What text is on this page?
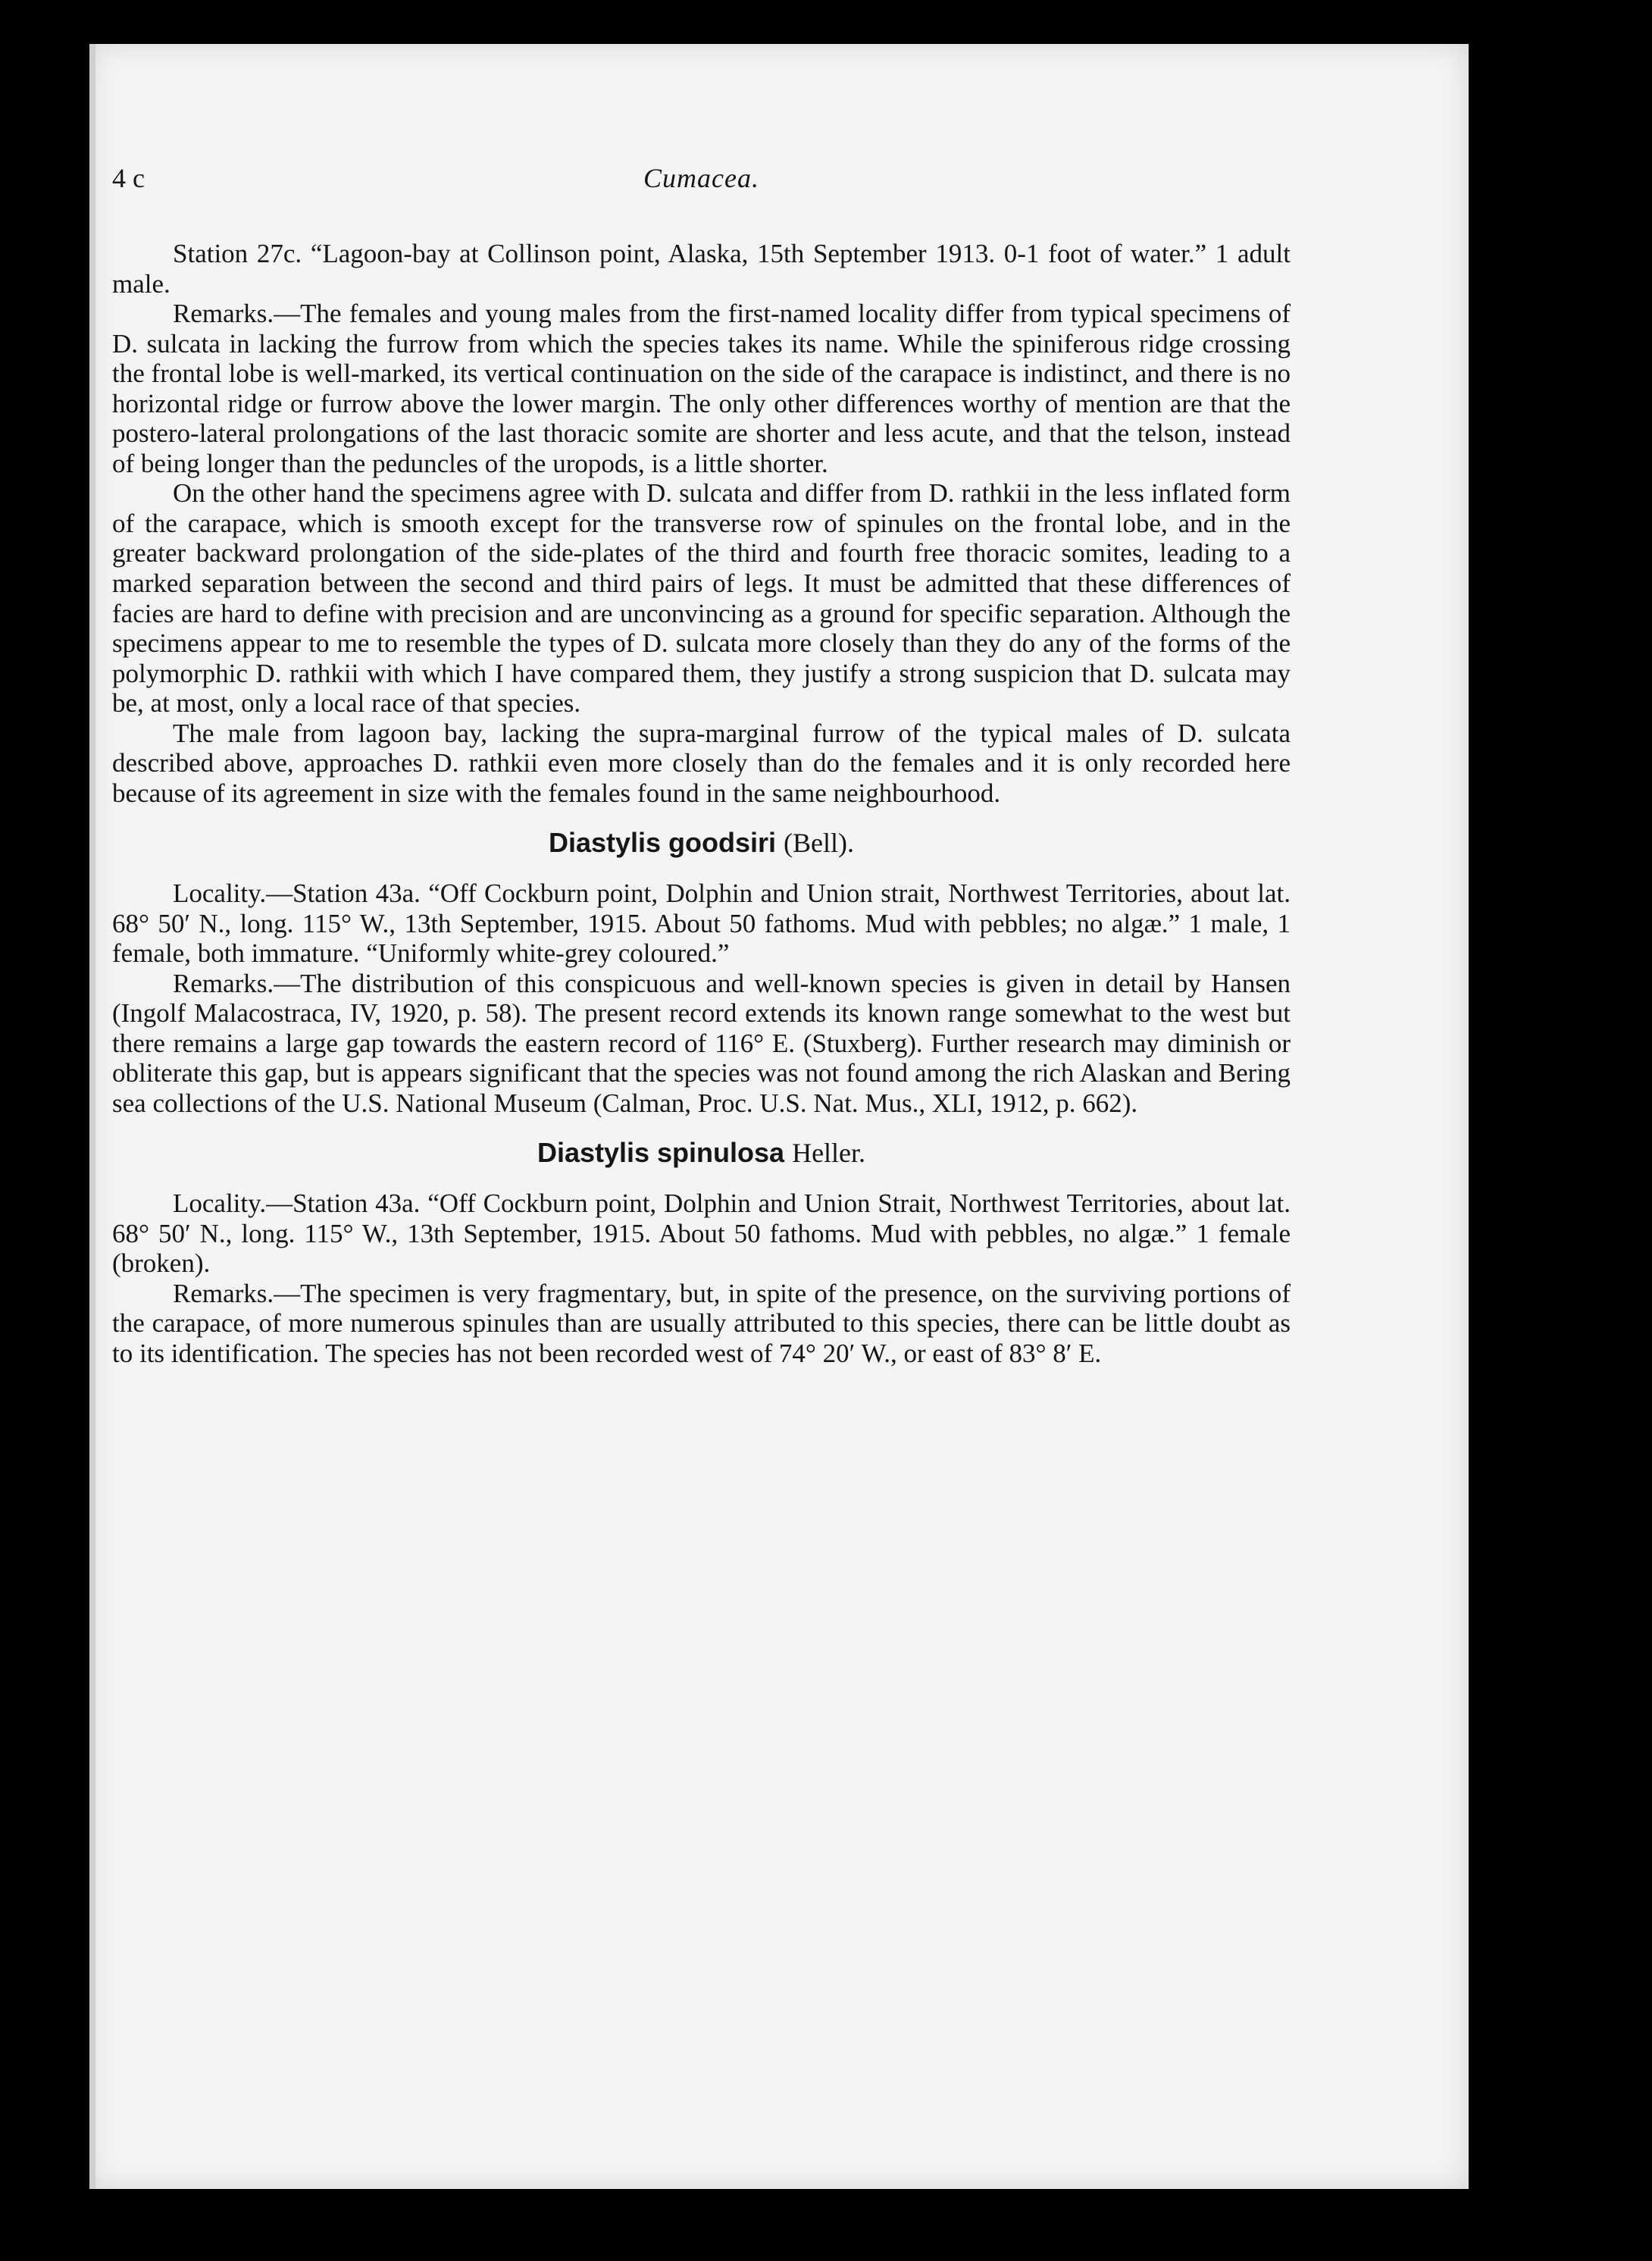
4 c	Cumacea.

Station 27c. “Lagoon-bay at Collinson point, Alaska, 15th September 1913. 0-1 foot of water.” 1 adult male.

Remarks.—The females and young males from the first-named locality differ from typical specimens of D. sulcata in lacking the furrow from which the species takes its name. While the spiniferous ridge crossing the frontal lobe is well-marked, its vertical continuation on the side of the carapace is indistinct, and there is no horizontal ridge or furrow above the lower margin. The only other differences worthy of mention are that the postero-lateral prolongations of the last thoracic somite are shorter and less acute, and that the telson, instead of being longer than the peduncles of the uropods, is a little shorter.

On the other hand the specimens agree with D. sulcata and differ from D. rathkii in the less inflated form of the carapace, which is smooth except for the transverse row of spinules on the frontal lobe, and in the greater backward prolongation of the side-plates of the third and fourth free thoracic somites, leading to a marked separation between the second and third pairs of legs. It must be admitted that these differences of facies are hard to define with precision and are unconvincing as a ground for specific separation. Although the specimens appear to me to resemble the types of D. sulcata more closely than they do any of the forms of the polymorphic D. rathkii with which I have compared them, they justify a strong suspicion that D. sulcata may be, at most, only a local race of that species.

The male from lagoon bay, lacking the supra-marginal furrow of the typical males of D. sulcata described above, approaches D. rathkii even more closely than do the females and it is only recorded here because of its agreement in size with the females found in the same neighbourhood.

Diastylis goodsiri (Bell).

Locality.—Station 43a. “Off Cockburn point, Dolphin and Union strait, Northwest Territories, about lat. 68° 50′ N., long. 115° W., 13th September, 1915. About 50 fathoms. Mud with pebbles; no algæ.” 1 male, 1 female, both immature. “Uniformly white-grey coloured.”

Remarks.—The distribution of this conspicuous and well-known species is given in detail by Hansen (Ingolf Malacostraca, IV, 1920, p. 58). The present record extends its known range somewhat to the west but there remains a large gap towards the eastern record of 116° E. (Stuxberg). Further research may diminish or obliterate this gap, but is appears significant that the species was not found among the rich Alaskan and Bering sea collections of the U.S. National Museum (Calman, Proc. U.S. Nat. Mus., XLI, 1912, p. 662).

Diastylis spinulosa Heller.

Locality.—Station 43a. “Off Cockburn point, Dolphin and Union Strait, Northwest Territories, about lat. 68° 50′ N., long. 115° W., 13th September, 1915. About 50 fathoms. Mud with pebbles, no algæ.” 1 female (broken).

Remarks.—The specimen is very fragmentary, but, in spite of the presence, on the surviving portions of the carapace, of more numerous spinules than are usually attributed to this species, there can be little doubt as to its identification. The species has not been recorded west of 74° 20′ W., or east of 83° 8′ E.
